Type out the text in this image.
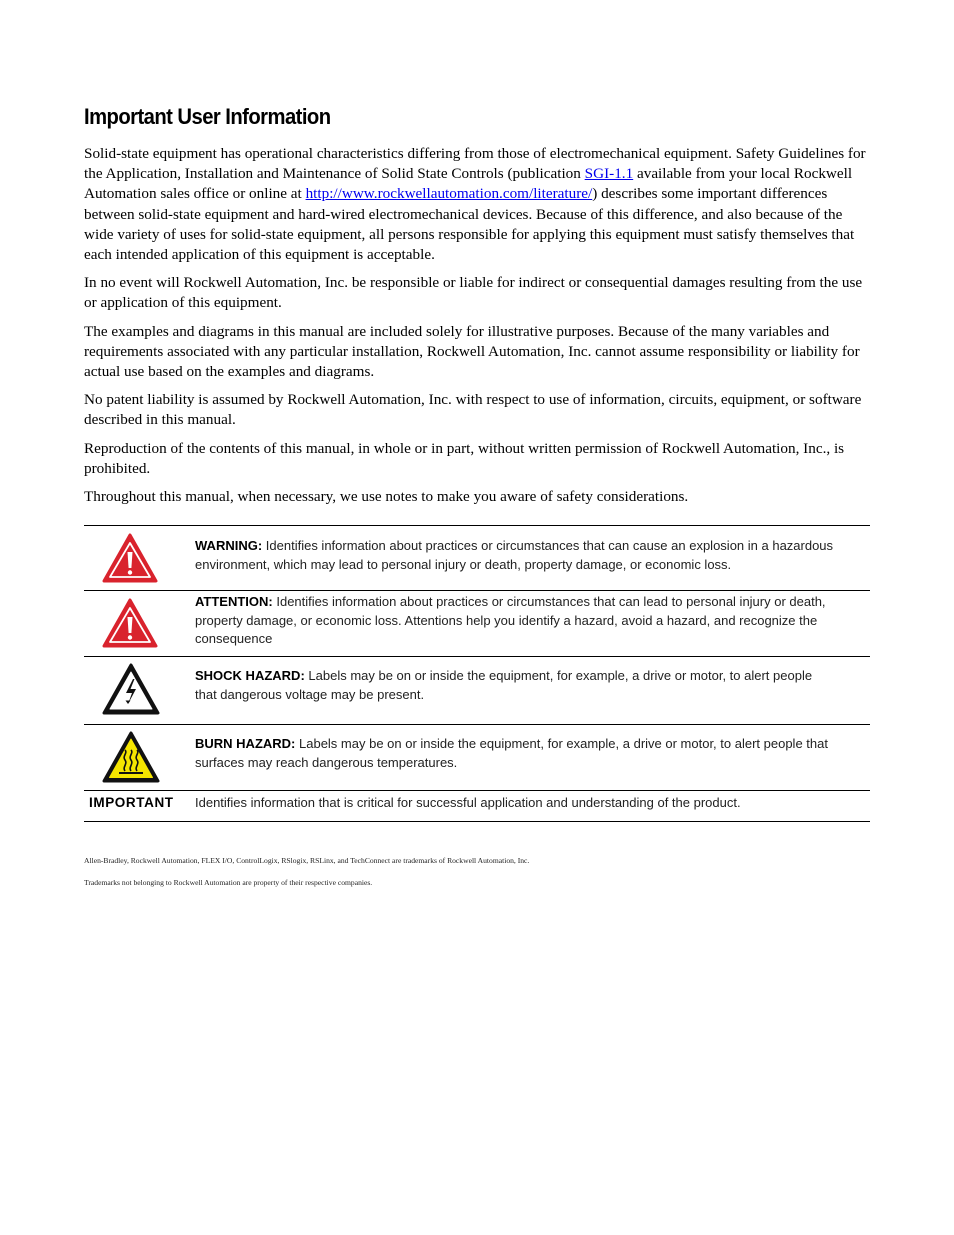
Important User Information

Solid-state equipment has operational characteristics differing from those of electromechanical equipment. Safety Guidelines for the Application, Installation and Maintenance of Solid State Controls (publication SGI-1.1 available from your local Rockwell Automation sales office or online at http://www.rockwellautomation.com/literature/) describes some important differences between solid-state equipment and hard-wired electromechanical devices. Because of this difference, and also because of the wide variety of uses for solid-state equipment, all persons responsible for applying this equipment must satisfy themselves that each intended application of this equipment is acceptable.

In no event will Rockwell Automation, Inc. be responsible or liable for indirect or consequential damages resulting from the use or application of this equipment.

The examples and diagrams in this manual are included solely for illustrative purposes. Because of the many variables and requirements associated with any particular installation, Rockwell Automation, Inc. cannot assume responsibility or liability for actual use based on the examples and diagrams.

No patent liability is assumed by Rockwell Automation, Inc. with respect to use of information, circuits, equipment, or software described in this manual.

Reproduction of the contents of this manual, in whole or in part, without written permission of Rockwell Automation, Inc., is prohibited.

Throughout this manual, when necessary, we use notes to make you aware of safety considerations.

WARNING: Identifies information about practices or circumstances that can cause an explosion in a hazardous environment, which may lead to personal injury or death, property damage, or economic loss.
ATTENTION: Identifies information about practices or circumstances that can lead to personal injury or death, property damage, or economic loss. Attentions help you identify a hazard, avoid a hazard, and recognize the consequence
SHOCK HAZARD: Labels may be on or inside the equipment, for example, a drive or motor, to alert people that dangerous voltage may be present.
BURN HAZARD: Labels may be on or inside the equipment, for example, a drive or motor, to alert people that surfaces may reach dangerous temperatures.
IMPORTANT Identifies information that is critical for successful application and understanding of the product.
Allen-Bradley, Rockwell Automation, FLEX I/O, ControlLogix, RSlogix, RSLinx, and TechConnect are trademarks of Rockwell Automation, Inc.
Trademarks not belonging to Rockwell Automation are property of their respective companies.
